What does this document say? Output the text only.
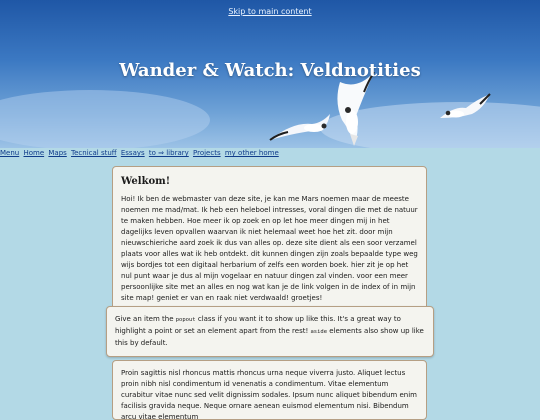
Skip to main content
Wander & Watch: Veldnotities
Menu Home Maps Tecnical stuff Essays to ⇒ library Projects my other home
Welkom!

Hoi! Ik ben de webmaster van deze site, je kan me Mars noemen maar de meeste noemen me mad/mat. Ik heb een heleboel intresses, voral dingen die met de natuur te maken hebben. Hoe meer ik op zoek en op let hoe meer dingen mij in het dagelijks leven opvallen waarvan ik niet helemaal weet hoe het zit. door mijn nieuwschieriche aard zoek ik dus van alles op. deze site dient als een soor verzamel plaats voor alles wat ik heb ontdekt. dit kunnen dingen zijn zoals bepaalde type weg wijs bordjes tot een digitaal herbarium of zelfs een worden boek. hier zit je op het nul punt waar je dus al mijn vogelaar en natuur dingen zal vinden. voor een meer persoonlijke site met an alles en nog wat kan je de link volgen in de index of in mijn site map! geniet er van en raak niet verdwaald! groetjes!

Give an item the popout class if you want it to show up like this. It's a great way to highlight a point or set an element apart from the rest! aside elements also show up like this by default.

Proin sagittis nisl rhoncus mattis rhoncus urna neque viverra justo. Aliquet lectus proin nibh nisl condimentum id venenatis a condimentum. Vitae elementum curabitur vitae nunc sed velit dignissim sodales. Ipsum nunc aliquet bibendum enim facilisis gravida neque. Neque ornare aenean euismod elementum nisi. Bibendum arcu vitae elementum
